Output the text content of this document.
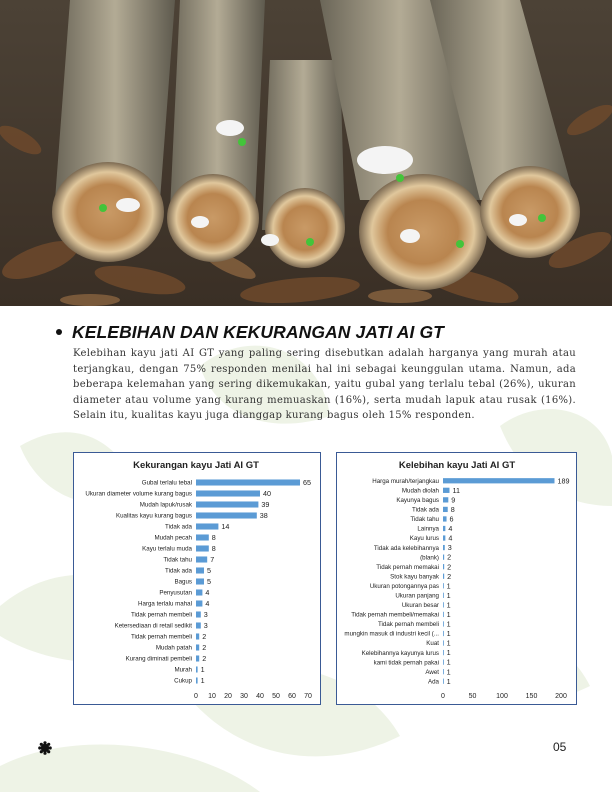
KELEBIHAN DAN KEKURANGAN JATI AI GT
Kelebihan kayu jati AI GT yang paling sering disebutkan adalah harganya yang murah atau terjangkau, dengan 75% responden menilai hal ini sebagai keunggulan utama. Namun, ada beberapa kelemahan yang sering dikemukakan, yaitu gubal yang terlalu tebal (26%), ukuran diameter atau volume yang kurang memuaskan (16%), serta mudah lapuk atau rusak (16%). Selain itu, kualitas kayu juga dianggap kurang bagus oleh 15% responden.
Kekurangan kayu Jati AI GT
Gubal terlalu tebal	65
Ukuran diameter volume kurang bagus	40
Mudah lapuk/rusak	39
Kualitas kayu kurang bagus	38
Tidak ada	14
Mudah pecah	8
Kayu terlalu muda	8
Tidak tahu	7
Tidak ada 5
Bagus 5
Penyusutan 4
Harga terlalu mahal 4
Tidak pernah membeli 3
Ketersediaan di retail sedikit 3
Tidak pernah membeli 2
Mudah patah 2
Kurang diminati pembeli 2
Murah 1
Cukup 1
0 10 20 30 40 50 60 70
Kelebihan kayu Jati AI GT
Harga murah/terjangkau	189
Mudah diolah 11
Kayunya bagus 9
Tidak ada 8
Tidak tahu 6
Lainnya 4
Kayu lurus 4
Tidak ada kelebihannya 3
(blank) 2
Tidak pernah memakai 2
Stok kayu banyak 2
Ukuran potongannya pas 1
Ukuran panjang 1
Ukuran besar 1
Tidak pernah membeli/memakai 1
Tidak pernah membeli 1
mungkin masuk di industri kecil (... 1
Kuat 1
Kelebihannya kayunya lurus 1
kami tidak pernah pakai 1
Awet 1
Ada 1
0	50	100	150	200
05
